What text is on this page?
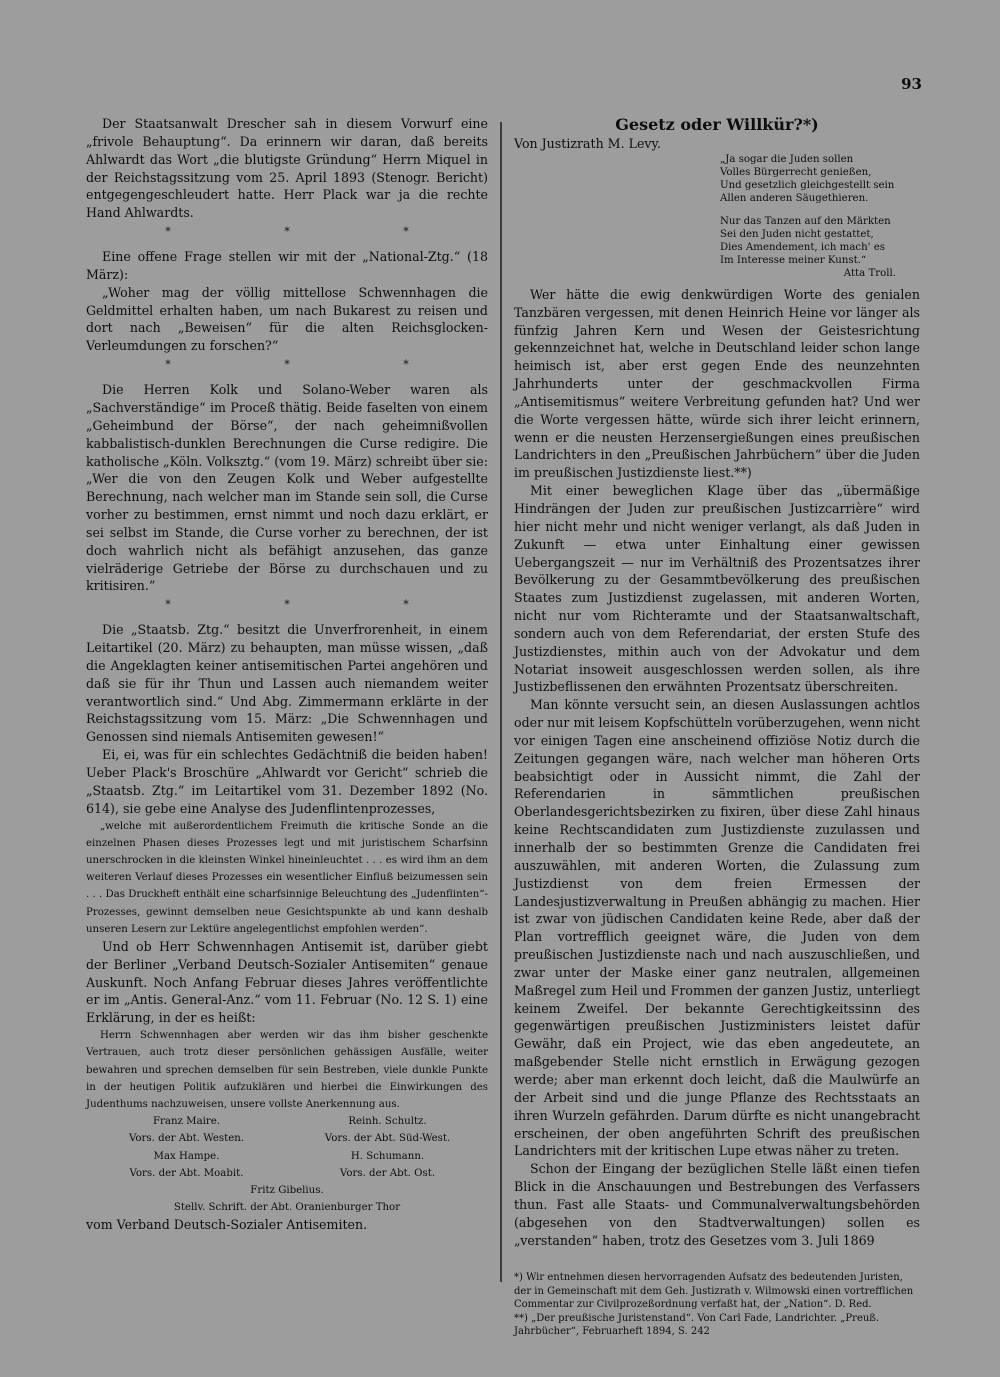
93

Der Staatsanwalt Drescher sah in diesem Vorwurf eine „frivole Behauptung“. Da erinnern wir daran, daß bereits Ahlwardt das Wort „die blutigste Gründung“ Herrn Miquel in der Reichstagssitzung vom 25. April 1893 (Stenogr. Bericht) entgegengeschleudert hatte. Herr Plack war ja die rechte Hand Ahlwardts.

* * *

Eine offene Frage stellen wir mit der „National-Ztg.“ (18 März):

„Woher mag der völlig mittellose Schwennhagen die Geldmittel erhalten haben, um nach Bukarest zu reisen und dort nach „Beweisen“ für die alten Reichsglocken-Verleumdungen zu forschen?“

* * *

Die Herren Kolk und Solano-Weber waren als „Sachverständige“ im Proceß thätig. Beide faselten von einem „Geheimbund der Börse“, der nach geheimnißvollen kabbalistisch-dunklen Berechnungen die Curse redigire. Die katholische „Köln. Volksztg.“ (vom 19. März) schreibt über sie: „Wer die von den Zeugen Kolk und Weber aufgestellte Berechnung, nach welcher man im Stande sein soll, die Curse vorher zu bestimmen, ernst nimmt und noch dazu erklärt, er sei selbst im Stande, die Curse vorher zu berechnen, der ist doch wahrlich nicht als befähigt anzusehen, das ganze vielräderige Getriebe der Börse zu durchschauen und zu kritisiren.“

* * *

Die „Staatsb. Ztg.“ besitzt die Unverfrorenheit, in einem Leitartikel (20. März) zu behaupten, man müsse wissen, „daß die Angeklagten keiner antisemitischen Partei angehören und daß sie für ihr Thun und Lassen auch niemandem weiter verantwortlich sind.“ Und Abg. Zimmermann erklärte in der Reichstagssitzung vom 15. März: „Die Schwennhagen und Genossen sind niemals Antisemiten gewesen!“

Ei, ei, was für ein schlechtes Gedächtniß die beiden haben! Ueber Plack's Broschüre „Ahlwardt vor Gericht“ schrieb die „Staatsb. Ztg.“ im Leitartikel vom 31. Dezember 1892 (No. 614), sie gebe eine Analyse des Judenflintenprozesses,

„welche mit außerordentlichem Freimuth die kritische Sonde an die einzelnen Phasen dieses Prozesses legt und mit juristischem Scharfsinn unerschrocken in die kleinsten Winkel hineinleuchtet . . . es wird ihm an dem weiteren Verlauf dieses Prozesses ein wesentlicher Einfluß beizumessen sein . . . Das Druckheft enthält eine scharfsinnige Beleuchtung des „Judenflinten“-Prozesses, gewinnt demselben neue Gesichtspunkte ab und kann deshalb unseren Lesern zur Lektüre angelegentlichst empfohlen werden“.

Und ob Herr Schwennhagen Antisemit ist, darüber giebt der Berliner „Verband Deutsch-Sozialer Antisemiten“ genaue Auskunft. Noch Anfang Februar dieses Jahres veröffentlichte er im „Antis. General-Anz.“ vom 11. Februar (No. 12 S. 1) eine Erklärung, in der es heißt:

Herrn Schwennhagen aber werden wir das ihm bisher geschenkte Vertrauen, auch trotz dieser persönlichen gehässigen Ausfälle, weiter bewahren und sprechen demselben für sein Bestreben, viele dunkle Punkte in der heutigen Politik aufzuklären und hierbei die Einwirkungen des Judenthums nachzuweisen, unsere vollste Anerkennung aus.

Franz Maire.	Reinh. Schultz.
Vors. der Abt. Westen.	Vors. der Abt. Süd-West.
Max Hampe.	H. Schumann.
Vors. der Abt. Moabit.	Vors. der Abt. Ost.
Fritz Gibelius.
Stellv. Schrift. der Abt. Oranienburger Thor

vom Verband Deutsch-Sozialer Antisemiten.

Gesetz oder Willkür?*)

Von Justizrath M. Levy.

„Ja sogar die Juden sollen
Volles Bürgerrecht genießen,
Und gesetzlich gleichgestellt sein
Allen anderen Säugethieren.
Nur das Tanzen auf den Märkten
Sei den Juden nicht gestattet,
Dies Amendement, ich mach' es
Im Interesse meiner Kunst.“
Atta Troll.

Wer hätte die ewig denkwürdigen Worte des genialen Tanzbären vergessen, mit denen Heinrich Heine vor länger als fünfzig Jahren Kern und Wesen der Geistesrichtung gekennzeichnet hat, welche in Deutschland leider schon lange heimisch ist, aber erst gegen Ende des neunzehnten Jahrhunderts unter der geschmackvollen Firma „Antisemitismus“ weitere Verbreitung gefunden hat? Und wer die Worte vergessen hätte, würde sich ihrer leicht erinnern, wenn er die neusten Herzensergießungen eines preußischen Landrichters in den „Preußischen Jahrbüchern“ über die Juden im preußischen Justizdienste liest.**)

Mit einer beweglichen Klage über das „übermäßige Hindrängen der Juden zur preußischen Justizcarrière“ wird hier nicht mehr und nicht weniger verlangt, als daß Juden in Zukunft — etwa unter Einhaltung einer gewissen Uebergangszeit — nur im Verhältniß des Prozentsatzes ihrer Bevölkerung zu der Gesammtbevölkerung des preußischen Staates zum Justizdienst zugelassen, mit anderen Worten, nicht nur vom Richteramte und der Staatsanwaltschaft, sondern auch von dem Referendariat, der ersten Stufe des Justizdienstes, mithin auch von der Advokatur und dem Notariat insoweit ausgeschlossen werden sollen, als ihre Justizbeflissenen den erwähnten Prozentsatz überschreiten.

Man könnte versucht sein, an diesen Auslassungen achtlos oder nur mit leisem Kopfschütteln vorüberzugehen, wenn nicht vor einigen Tagen eine anscheinend offiziöse Notiz durch die Zeitungen gegangen wäre, nach welcher man höheren Orts beabsichtigt oder in Aussicht nimmt, die Zahl der Referendarien in sämmtlichen preußischen Oberlandesgerichtsbezirken zu fixiren, über diese Zahl hinaus keine Rechtscandidaten zum Justizdienste zuzulassen und innerhalb der so bestimmten Grenze die Candidaten frei auszuwählen, mit anderen Worten, die Zulassung zum Justizdienst von dem freien Ermessen der Landesjustizverwaltung in Preußen abhängig zu machen. Hier ist zwar von jüdischen Candidaten keine Rede, aber daß der Plan vortrefflich geeignet wäre, die Juden von dem preußischen Justizdienste nach und nach auszuschließen, und zwar unter der Maske einer ganz neutralen, allgemeinen Maßregel zum Heil und Frommen der ganzen Justiz, unterliegt keinem Zweifel. Der bekannte Gerechtigkeitssinn des gegenwärtigen preußischen Justizministers leistet dafür Gewähr, daß ein Project, wie das eben angedeutete, an maßgebender Stelle nicht ernstlich in Erwägung gezogen werde; aber man erkennt doch leicht, daß die Maulwürfe an der Arbeit sind und die junge Pflanze des Rechtsstaats an ihren Wurzeln gefährden. Darum dürfte es nicht unangebracht erscheinen, der oben angeführten Schrift des preußischen Landrichters mit der kritischen Lupe etwas näher zu treten.

Schon der Eingang der bezüglichen Stelle läßt einen tiefen Blick in die Anschauungen und Bestrebungen des Verfassers thun. Fast alle Staats- und Communalverwaltungsbehörden (abgesehen von den Stadtverwaltungen) sollen es „verstanden“ haben, trotz des Gesetzes vom 3. Juli 1869

*) Wir entnehmen diesen hervorragenden Aufsatz des bedeutenden Juristen, der in Gemeinschaft mit dem Geh. Justizrath v. Wilmowski einen vortrefflichen Commentar zur Civilprozeßordnung verfaßt hat, der „Nation“. D. Red.

**) „Der preußische Juristenstand“. Von Carl Fade, Landrichter. „Preuß. Jahrbücher“, Februarheft 1894, S. 242
